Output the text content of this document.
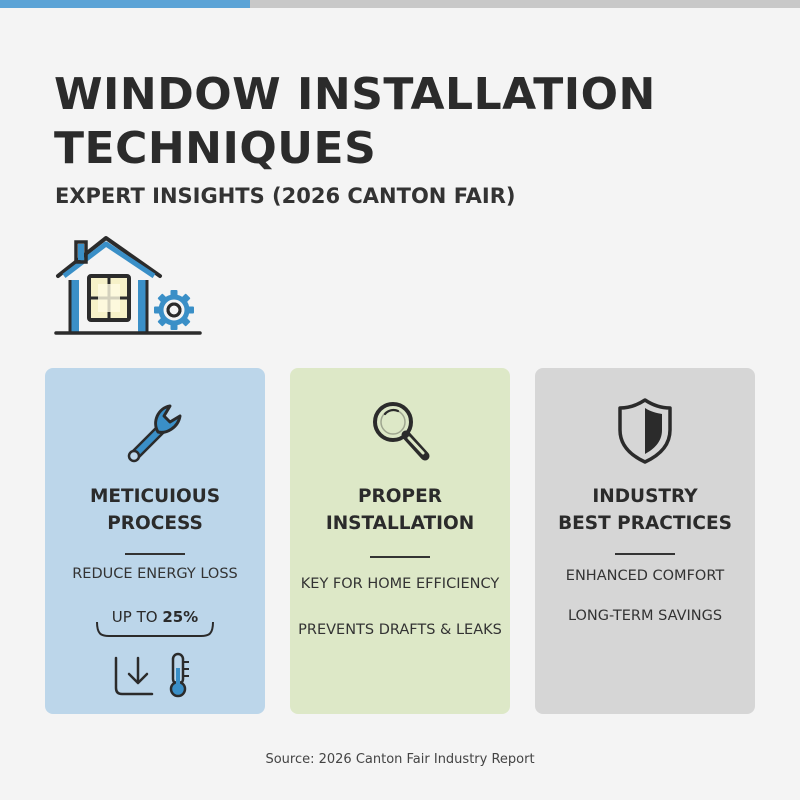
WINDOW INSTALLATION
TECHNIQUES
EXPERT INSIGHTS (2026 CANTON FAIR)
METICUIOUS
PROCESS
REDUCE ENERGY LOSS
UP TO 25%
PROPER
INSTALLATION
KEY FOR HOME EFFICIENCY
PREVENTS DRAFTS & LEAKS
INDUSTRY
BEST PRACTICES
ENHANCED COMFORT
LONG-TERM SAVINGS
Source: 2026 Canton Fair Industry Report
